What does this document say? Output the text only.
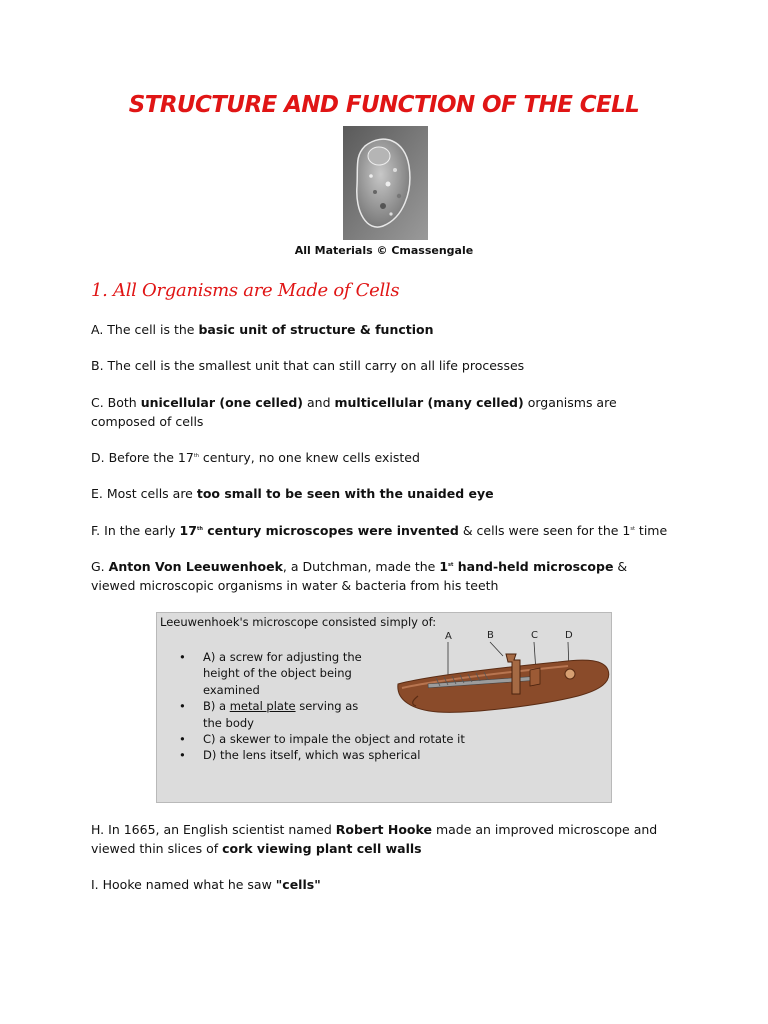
STRUCTURE AND FUNCTION OF THE CELL
All Materials © Cmassengale
1. All Organisms are Made of Cells

A. The cell is the basic unit of structure & function

B. The cell is the smallest unit that can still carry on all life processes

C. Both unicellular (one celled) and multicellular (many celled) organisms are composed of cells

D. Before the 17th century, no one knew cells existed

E. Most cells are too small to be seen with the unaided eye

F. In the early 17th century microscopes were invented & cells were seen for the 1st time

G. Anton Von Leeuwenhoek, a Dutchman, made the 1st hand-held microscope & viewed microscopic organisms in water & bacteria from his teeth

Leeuwenhoek's microscope consisted simply of:

• A) a screw for adjusting the height of the object being examined
• B) a metal plate serving as the body
• C) a skewer to impale the object and rotate it
• D) the lens itself, which was spherical
A	B	C	D

H. In 1665, an English scientist named Robert Hooke made an improved microscope and viewed thin slices of cork viewing plant cell walls

I. Hooke named what he saw "cells"
